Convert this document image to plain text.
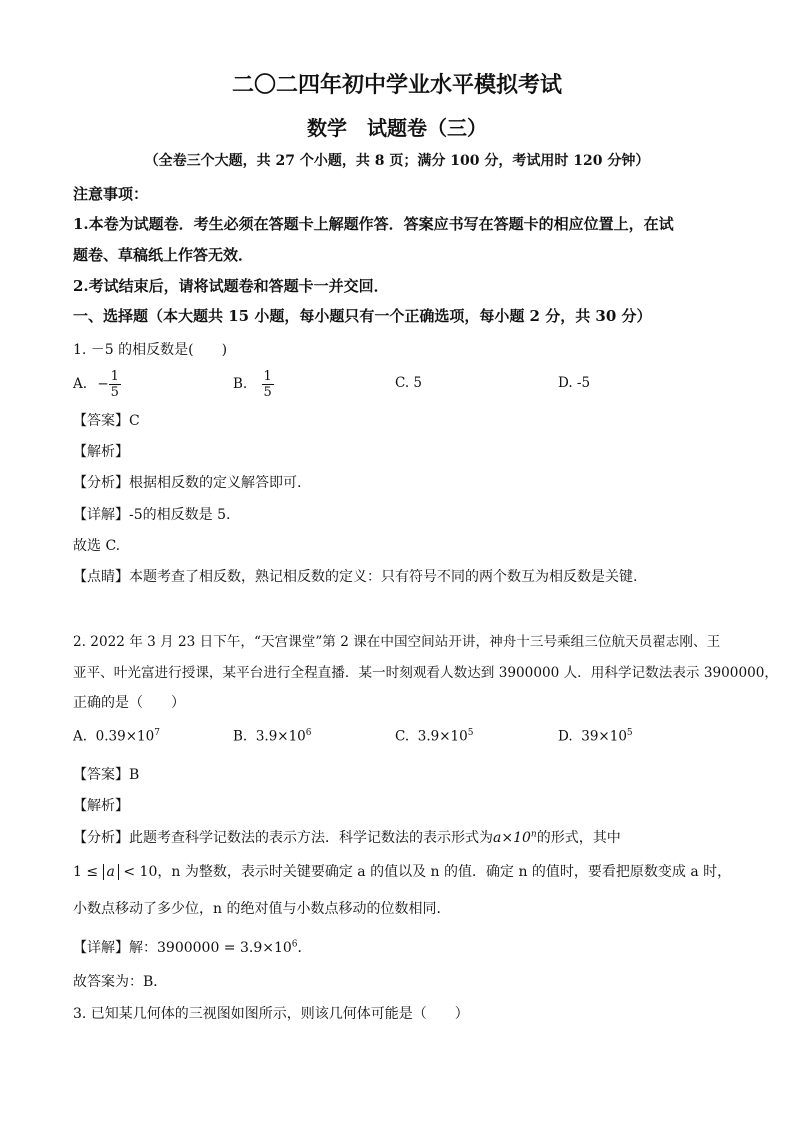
二〇二四年初中学业水平模拟考试
数学　试题卷（三）
（全卷三个大题，共 27 个小题，共 8 页；满分 100 分，考试用时 120 分钟）
注意事项：
1.本卷为试题卷．考生必须在答题卡上解题作答．答案应书写在答题卡的相应位置上，在试
题卷、草稿纸上作答无效．
2.考试结束后，请将试题卷和答题卡一并交回．
一、选择题（本大题共 15 小题，每小题只有一个正确选项，每小题 2 分，共 30 分）
1. －5 的相反数是(　　)
A. − $\frac{1}{5}$	B. $\frac{1}{5}$	C. 5	D. -5
【答案】C
【解析】
【分析】根据相反数的定义解答即可.
【详解】-5的相反数是 5.
故选 C.
【点睛】本题考查了相反数，熟记相反数的定义：只有符号不同的两个数互为相反数是关键.
2. 2022 年 3 月 23 日下午，“天宫课堂”第 2 课在中国空间站开讲，神舟十三号乘组三位航天员翟志刚、王
亚平、叶光富进行授课，某平台进行全程直播．某一时刻观看人数达到 3900000 人．用科学记数法表示 3900000，
正确的是（　　）
A. $0.39\times 10^7$	B. $3.9\times 10^6$	C. $3.9\times 10^5$	D. $39\times 10^5$
【答案】B
【解析】
【分析】此题考查科学记数法的表示方法．科学记数法的表示形式为$a\times 10^n$的形式，其中
1 ≤ a < 10，n 为整数，表示时关键要确定 a 的值以及 n 的值．确定 n 的值时，要看把原数变成 a 时，
小数点移动了多少位，n 的绝对值与小数点移动的位数相同．
【详解】解：$3900000 = 3.9\times 10^6$．
故答案为：B．
3. 已知某几何体的三视图如图所示，则该几何体可能是（　　）
